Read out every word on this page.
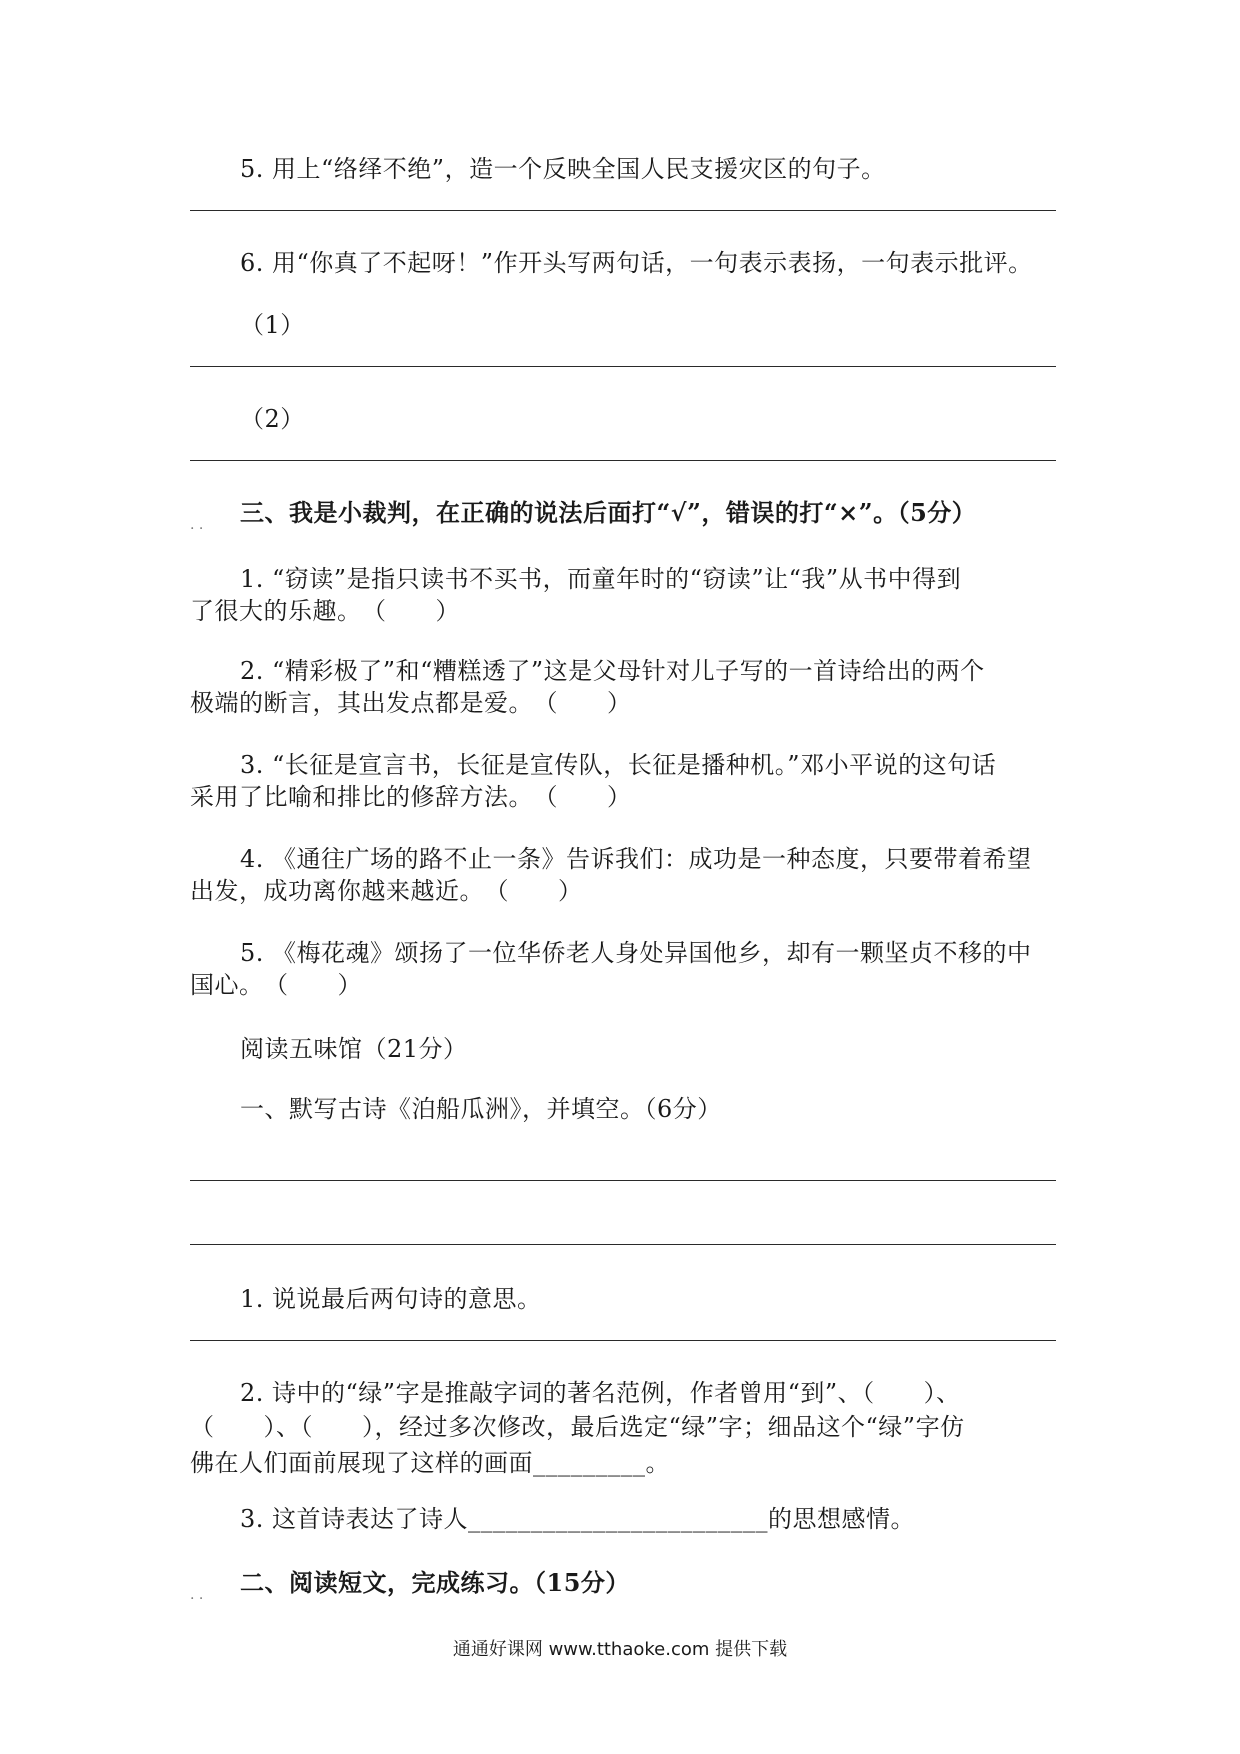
5. 用上“络绎不绝”，造一个反映全国人民支援灾区的句子。
6. 用“你真了不起呀！”作开头写两句话，一句表示表扬，一句表示批评。
（1）
（2）
. . 三、我是小裁判，在正确的说法后面打“√”，错误的打“×”。（5分）
1. “窃读”是指只读书不买书，而童年时的“窃读”让“我”从书中得到
了很大的乐趣。　（　　）
2. “精彩极了”和“糟糕透了”这是父母针对儿子写的一首诗给出的两个
极端的断言，其出发点都是爱。　（　　）
3. “长征是宣言书，长征是宣传队，长征是播种机。”邓小平说的这句话
采用了比喻和排比的修辞方法。　（　　）
4. 《通往广场的路不止一条》告诉我们：成功是一种态度，只要带着希望
出发，成功离你越来越近。　（　　）
5. 《梅花魂》颂扬了一位华侨老人身处异国他乡，却有一颗坚贞不移的中
国心。　（　　）
阅读五味馆（21分）
一、默写古诗《泊船瓜洲》，并填空。（6分）
1. 说说最后两句诗的意思。
2. 诗中的“绿”字是推敲字词的著名范例，作者曾用“到”、（　　）、
（　　）、（　　），经过多次修改，最后选定“绿”字；细品这个“绿”字仿
佛在人们面前展现了这样的画面_________。
3. 这首诗表达了诗人________________________的思想感情。
. . 二、阅读短文，完成练习。（15分）
通通好课网 www.tthaoke.com 提供下载
